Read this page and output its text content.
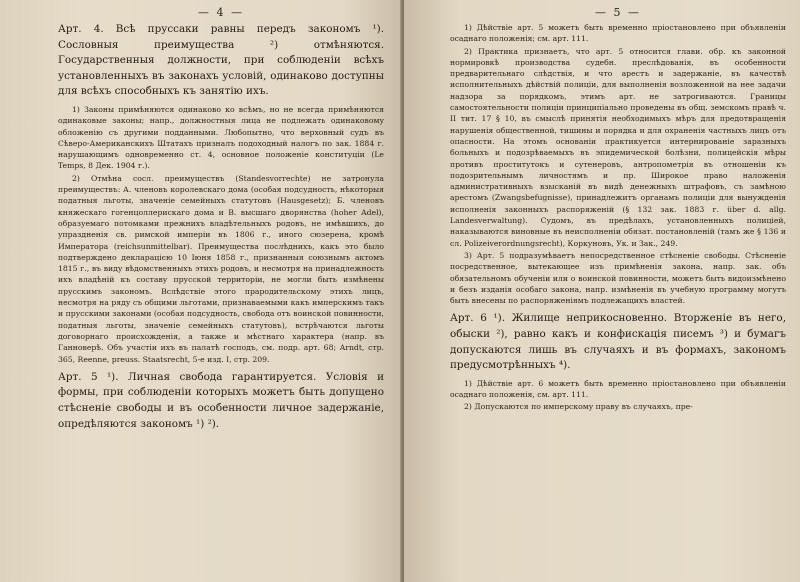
— 4 —

Арт. 4. Всѣ пруссаки равны передъ закономъ ¹). Сословныя преимущества ²) отмѣняются. Государственныя должности, при соблюденіи всѣхъ установленныхъ въ законахъ условій, одинаково доступны для всѣхъ способныхъ къ занятію ихъ.

1) Законы примѣняются одинаково ко всѣмъ, но не всегда примѣняются одинаковые законы; напр., должностныя лица не подлежать одинаковому обложенію съ другими подданными. Любопытно, что верховный судъ въ Сѣверо-Американскихъ Штатахъ призналъ подоходный налогъ по зак. 1884 г. нарушающимъ одновременно ст. 4, основное положеніе конституціи (Le Temps, 8 Дек. 1904 г.).

2) Отмѣна сосл. преимуществъ (Standesvorrechte) не затронула преимуществъ: А. членовъ королевскаго дома (особая подсудность, нѣкоторыя податныя льготы, значеніе семейныхъ статутовъ (Hausgesetz); Б. членовъ княжескаго гогенцоллерискаго дома и В. высшаго дворянства (hoher Adel), образуемаго потомками прежнихъ владѣтельныхъ родовъ, не имѣвшихъ, до упраздненія св. римской имперіи въ 1806 г., иного сюзерена, кромѣ Императора (reichsunmittelbar). Преимущества послѣднихъ, какъ это было подтверждено декларацією 10 Іюня 1858 г., признанныя союзнымъ актомъ 1815 г., въ виду вѣдомственныхъ этихъ родовъ, и несмотря на принадлежность ихъ владѣній къ составу прусской территоріи, не могли быть измѣнены прусскимъ закономъ. Вслѣдствіе этого прародительскому этихъ лицъ, несмотря на ряду съ общими льготами, признаваемыми какъ имперскимъ такъ и прусскими законами (особая подсудность, свобода отъ воинской повинности, податныя льготы, значеніе семейныхъ статутовъ), встрѣчаются льготы договорнаго происхожденія, а также и мѣстнаго характера (напр. въ Ганноверѣ. Объ участіи ихъ въ палатѣ господъ, см. подр. арт. 68; Arndt, стр. 365, Reenne, preuss. Staatsrecht, 5-е изд. I, стр. 209.

Арт. 5 ¹). Личная свобода гарантируется. Условія и формы, при соблюденіи которыхъ можетъ быть допущено стѣсненіе свободы и въ особенности личное задержаніе, опредѣляются закономъ ¹) ²).

— 5 —

1) Дѣйствіе арт. 5 можетъ быть временно пріостановлено при объявленіи осаднаго положенія; см. арт. 111.

2) Практика признаетъ, что арт. 5 относится глави. обр. къ законной нормировкѣ производства судебн. преслѣдованія, въ особенности предварительнаго слѣдствія, и что арестъ и задержаніе, въ качествѣ исполнительныхъ дѣйствій полиціи, для выполненія возложенной на нее задачи надзора за порядкомъ, этимъ арт. не затрогиваются. Границы самостоятельности полиціи принципіально проведены въ общ. земскомъ правѣ ч. II тит. 17 § 10, въ смыслѣ принятія необходимыхъ мѣръ для предотвращенія нарушенія общественной, тишины и порядка и для охраненія частныхъ лицъ отъ опасности. На этомъ основаніи практикуется интернированіе заразныхъ больныхъ и подозрѣваемыхъ въ эпидемической болѣзни, полицейскія мѣры противъ проститутокъ и сутенеровъ, антропометрія въ отношеніи къ подозрительнымъ личностямъ и пр. Широкое право наложенія административныхъ взысканій въ видѣ денежныхъ штрафовъ, съ замѣною арестомъ (Zwangsbefugnisse), принадлежитъ органамъ полиціи для вынужденія исполненія законныхъ распоряженій (§ 132 зак. 1883 г. über d. allg. Landesverwaltung). Судомъ, въ предѣлахъ, установленныхъ полиціей, наказываются виновные въ неисполненіи обязат. постановленій (тамъ же § 136 и сл. Polizeiverordnungsrecht), Коркуновъ, Ук. и Зак., 249.

3) Арт. 5 подразумѣваетъ непосредственное стѣсненіе свободы. Стѣсненіе посредственное, вытекающее изъ примѣненія закона, напр. зак. объ обязательномъ обученіи или о воинской повинности, можетъ быть видоизмѣнено и безъ изданія особаго закона, напр. измѣненія въ учебную программу могутъ быть внесены по распоряженіямъ подлежащихъ властей.

Арт. 6 ¹). Жилище неприкосновенно. Вторженіе въ него, обыски ²), равно какъ и конфискація писемъ ³) и бумагъ допускаются лишь въ случаяхъ и въ формахъ, закономъ предусмотрѣнныхъ ⁴).

1) Дѣйствіе арт. 6 можетъ быть временно пріостановлено при объявленіи осаднаго положенія, см. арт. 111.

2) Допускаются по имперскому праву въ случаяхъ, пре-
